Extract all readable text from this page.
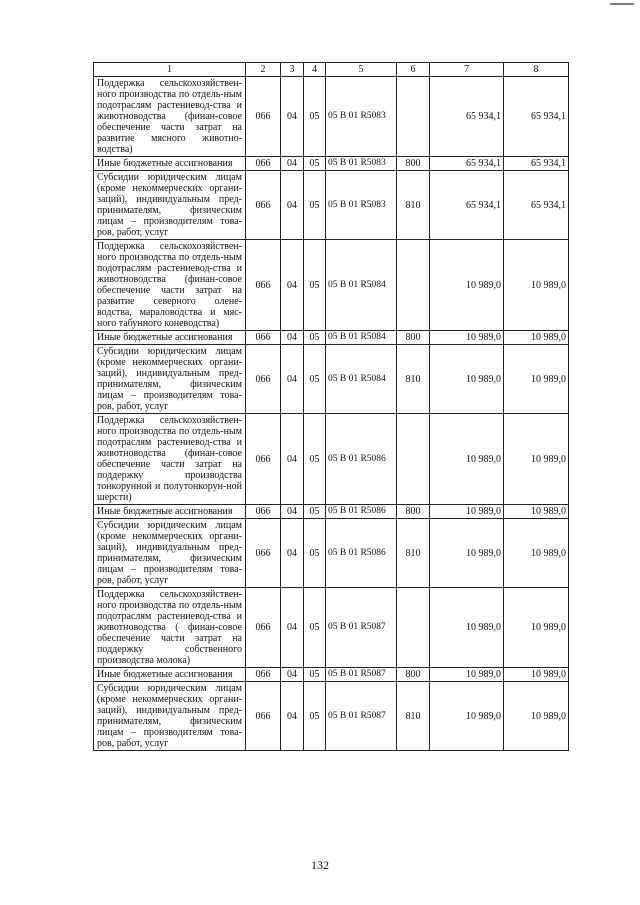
1	2	3	4	5	6	7	8
Поддержка сельскохозяйствен-ного производства по отдель-ным подотраслям растениевод-ства и животноводства (финан-совое обеспечение части затрат на развитие мясного животно-водства)	066	04	05	05 В 01 R5083		65 934,1	65 934,1
Иные бюджетные ассигнования	066	04	05	05 В 01 R5083	800	65 934,1	65 934,1
Субсидии юридическим лицам (кроме некоммерческих органи-заций), индивидуальным пред-принимателям, физическим лицам – производителям това-ров, работ, услуг	066	04	05	05 В 01 R5083	810	65 934,1	65 934,1
Поддержка сельскохозяйствен-ного производства по отдель-ным подотраслям растениевод-ства и животноводства (финан-совое обеспечение части затрат на развитие северного олене-водства, мараловодства и мяс-ного табунного коневодства)	066	04	05	05 В 01 R5084		10 989,0	10 989,0
Иные бюджетные ассигнования	066	04	05	05 В 01 R5084	800	10 989,0	10 989,0
Субсидии юридическим лицам (кроме некоммерческих органи-заций), индивидуальным пред-принимателям, физическим лицам – производителям това-ров, работ, услуг	066	04	05	05 В 01 R5084	810	10 989,0	10 989,0
Поддержка сельскохозяйствен-ного производства по отдель-ным подотраслям растениевод-ства и животноводства (финан-совое обеспечение части затрат на поддержку производства тонкорунной и полутонкорун-ной шерсти)	066	04	05	05 В 01 R5086		10 989,0	10 989,0
Иные бюджетные ассигнования	066	04	05	05 В 01 R5086	800	10 989,0	10 989,0
Субсидии юридическим лицам (кроме некоммерческих органи-заций), индивидуальным пред-принимателям, физическим лицам – производителям това-ров, работ, услуг	066	04	05	05 В 01 R5086	810	10 989,0	10 989,0
Поддержка сельскохозяйствен-ного производства по отдель-ным подотраслям растениевод-ства и животноводства ( финан-совое обеспечение части затрат на поддержку собственного производства молока)	066	04	05	05 В 01 R5087		10 989,0	10 989,0
Иные бюджетные ассигнования	066	04	05	05 В 01 R5087	800	10 989,0	10 989,0
Субсидии юридическим лицам (кроме некоммерческих органи-заций), индивидуальным пред-принимателям, физическим лицам – производителям това-ров, работ, услуг	066	04	05	05 В 01 R5087	810	10 989,0	10 989,0
132
